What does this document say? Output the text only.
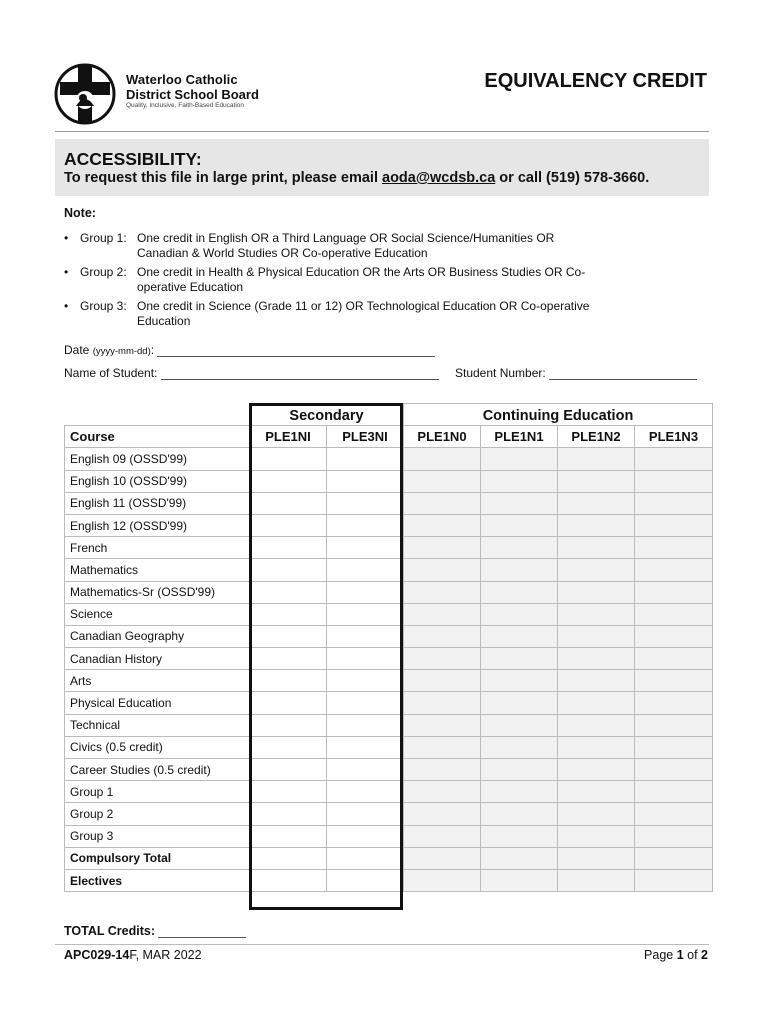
Waterloo Catholic
District School Board
Quality, Inclusive, Faith-Based Education
EQUIVALENCY CREDIT
ACCESSIBILITY:
To request this file in large print, please email aoda@wcdsb.ca or call (519) 578-3660.
Note:
• Group 1: One credit in English OR a Third Language OR Social Science/Humanities OR Canadian & World Studies OR Co-operative Education
• Group 2: One credit in Health & Physical Education OR the Arts OR Business Studies OR Co-operative Education
• Group 3: One credit in Science (Grade 11 or 12) OR Technological Education OR Co-operative Education
Date (yyyy-mm-dd):
Name of Student:	Student Number:
	Secondary		Continuing Education			
Course	PLE1NI	PLE3NI	PLE1N0	PLE1N1	PLE1N2	PLE1N3
English 09 (OSSD'99)						
English 10 (OSSD'99)						
English 11 (OSSD'99)						
English 12 (OSSD'99)						
French						
Mathematics						
Mathematics-Sr (OSSD'99)						
Science						
Canadian Geography						
Canadian History						
Arts						
Physical Education						
Technical						
Civics (0.5 credit)						
Career Studies (0.5 credit)						
Group 1						
Group 2						
Group 3						
Compulsory Total						
Electives						
TOTAL Credits:
APC029-14F, MAR 2022	Page 1 of 2
